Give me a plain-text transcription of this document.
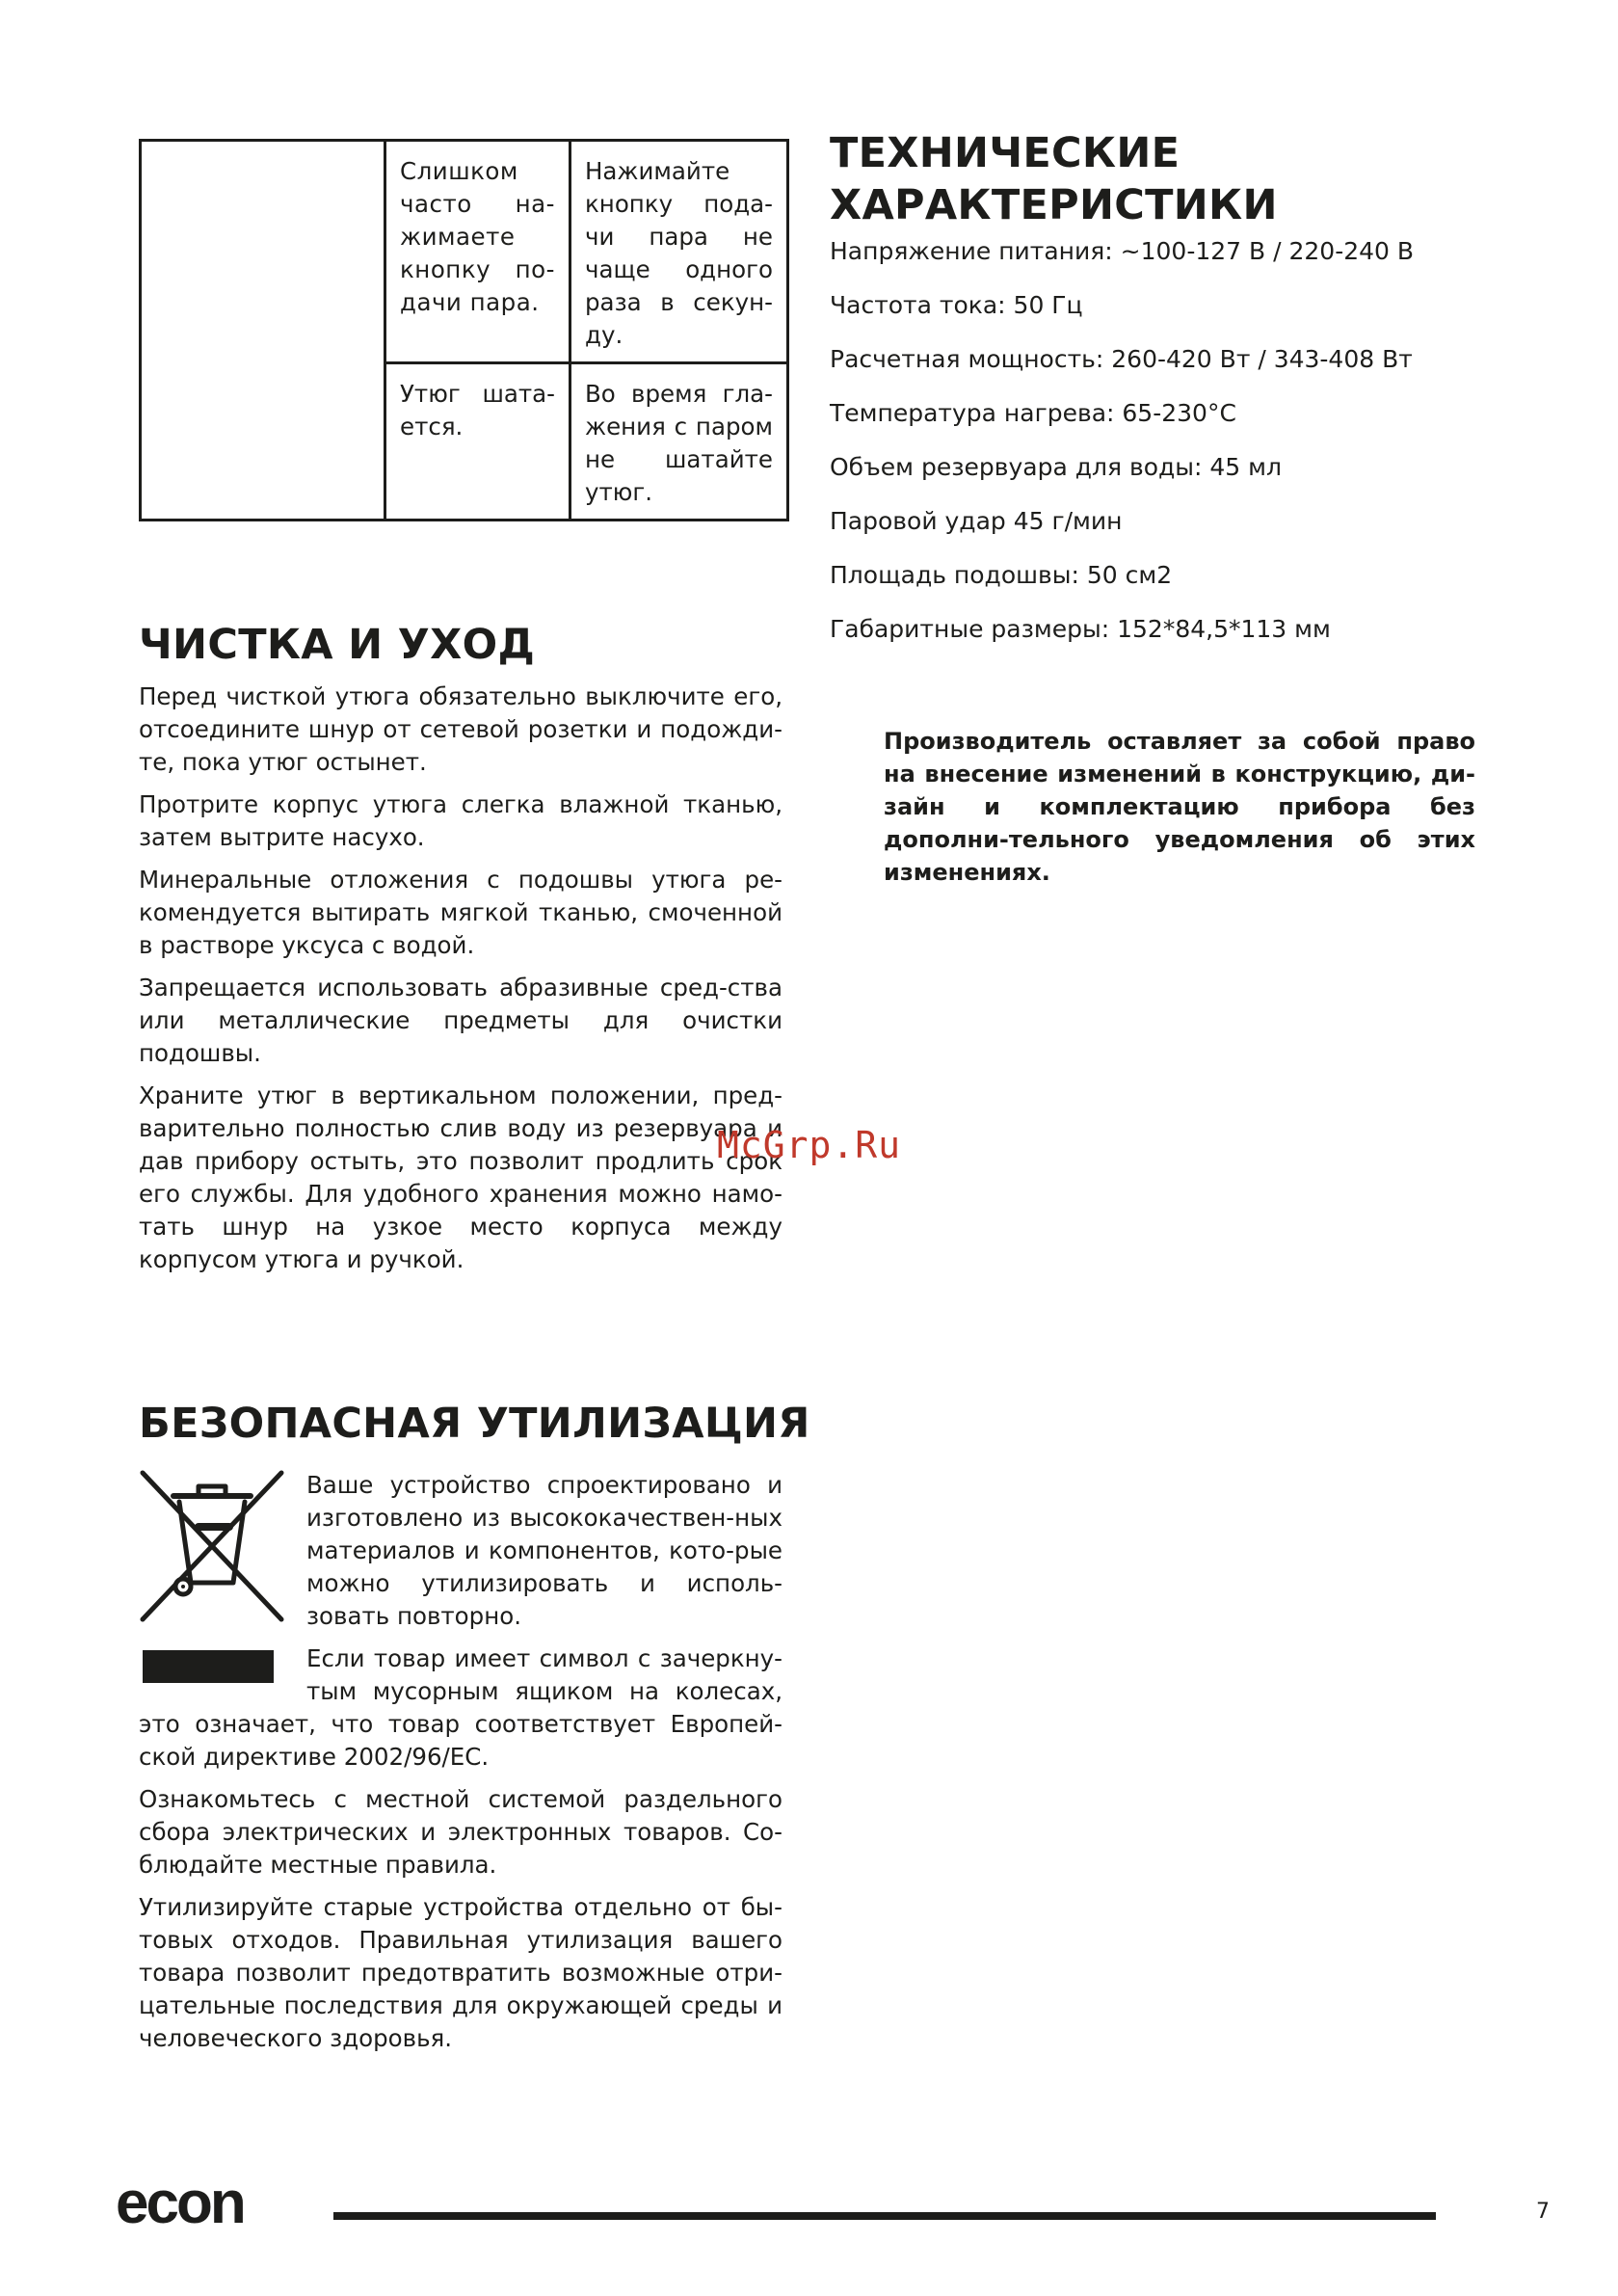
	Слишком часто на-жимаете кнопку по-дачи пара.	Нажимайте кнопку пода-чи пара не чаще одного раза в секун-ду.
	Утюг шата-ется.	Во время гла-жения с паром не шатайте утюг.
ЧИСТКА И УХОД

Перед чисткой утюга обязательно выключите его, отсоедините шнур от сетевой розетки и подожди-те, пока утюг остынет.

Протрите корпус утюга слегка влажной тканью, затем вытрите насухо.

Минеральные отложения с подошвы утюга ре-комендуется вытирать мягкой тканью, смоченной в растворе уксуса с водой.

Запрещается использовать абразивные сред-ства или металлические предметы для очистки подошвы.

Храните утюг в вертикальном положении, пред-варительно полностью слив воду из резервуара и дав прибору остыть, это позволит продлить срок его службы. Для удобного хранения можно намо-тать шнур на узкое место корпуса между корпусом утюга и ручкой.

БЕЗОПАСНАЯ УТИЛИЗАЦИЯ

Ваше устройство спроектировано и изготовлено из высококачествен-ных материалов и компонентов, кото-рые можно утилизировать и исполь-зовать повторно.

Если товар имеет символ с зачеркну-тым мусорным ящиком на колесах, это означает, что товар соответствует Европей-ской директиве 2002/96/ЕС.

Ознакомьтесь с местной системой раздельного сбора электрических и электронных товаров. Со-блюдайте местные правила.

Утилизируйте старые устройства отдельно от бы-товых отходов. Правильная утилизация вашего товара позволит предотвратить возможные отри-цательные последствия для окружающей среды и человеческого здоровья.

ТЕХНИЧЕСКИЕ
ХАРАКТЕРИСТИКИ

Напряжение питания: ~100-127 В / 220-240 В

Частота тока: 50 Гц

Расчетная мощность: 260-420 Вт / 343-408 Вт

Температура нагрева: 65-230°С

Объем резервуара для воды: 45 мл

Паровой удар 45 г/мин

Площадь подошвы: 50 см2

Габаритные размеры: 152*84,5*113 мм

Производитель оставляет за собой право на внесение изменений в конструкцию, ди-зайн и комплектацию прибора без дополни-тельного уведомления об этих изменениях.

McGrp.Ru
econ	7
